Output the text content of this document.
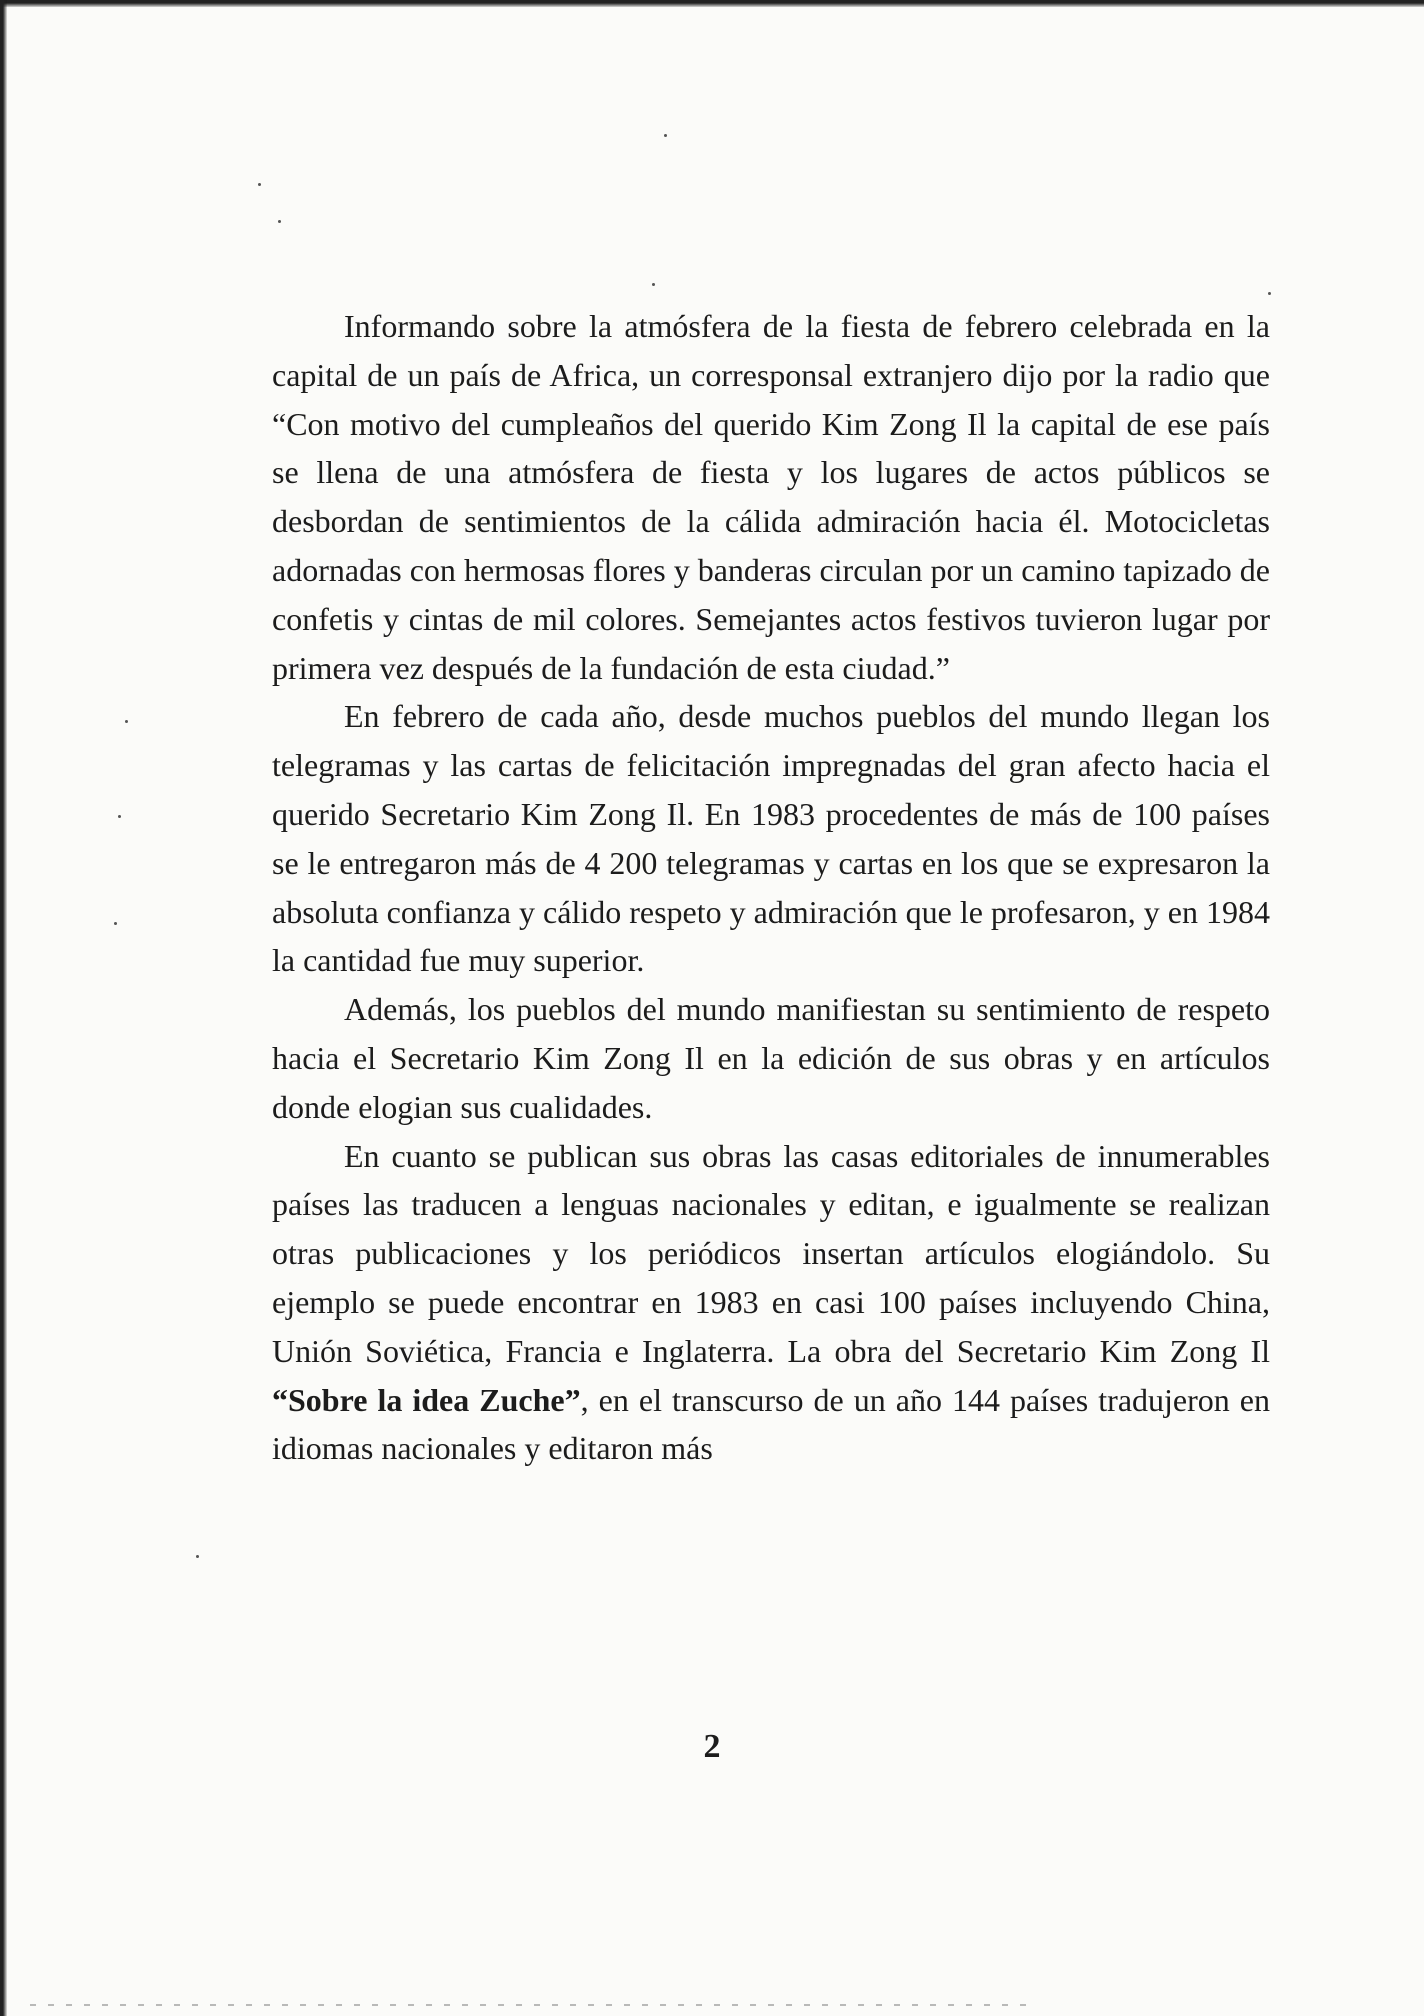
Informando sobre la atmósfera de la fiesta de febrero celebrada en la capital de un país de Africa, un corresponsal extranjero dijo por la radio que “Con motivo del cumpleaños del querido Kim Zong Il la capital de ese país se llena de una atmósfera de fiesta y los lugares de actos públicos se desbordan de sentimientos de la cálida admiración hacia él. Motocicletas adornadas con hermosas flores y banderas circulan por un camino tapizado de confetis y cintas de mil colores. Semejantes actos festivos tuvieron lugar por primera vez después de la fundación de esta ciudad.”

En febrero de cada año, desde muchos pueblos del mundo llegan los telegramas y las cartas de felicitación impregnadas del gran afecto hacia el querido Secretario Kim Zong Il. En 1983 procedentes de más de 100 países se le entregaron más de 4 200 telegramas y cartas en los que se expresaron la absoluta confianza y cálido respeto y admiración que le profesaron, y en 1984 la cantidad fue muy superior.

Además, los pueblos del mundo manifiestan su sentimiento de respeto hacia el Secretario Kim Zong Il en la edición de sus obras y en artículos donde elogian sus cualidades.

En cuanto se publican sus obras las casas editoriales de innumerables países las traducen a lenguas nacionales y editan, e igualmente se realizan otras publicaciones y los periódicos insertan artículos elogiándolo. Su ejemplo se puede encontrar en 1983 en casi 100 países incluyendo China, Unión Soviética, Francia e Inglaterra. La obra del Secretario Kim Zong Il “Sobre la idea Zuche”, en el transcurso de un año 144 países tradujeron en idiomas nacionales y editaron más

2
